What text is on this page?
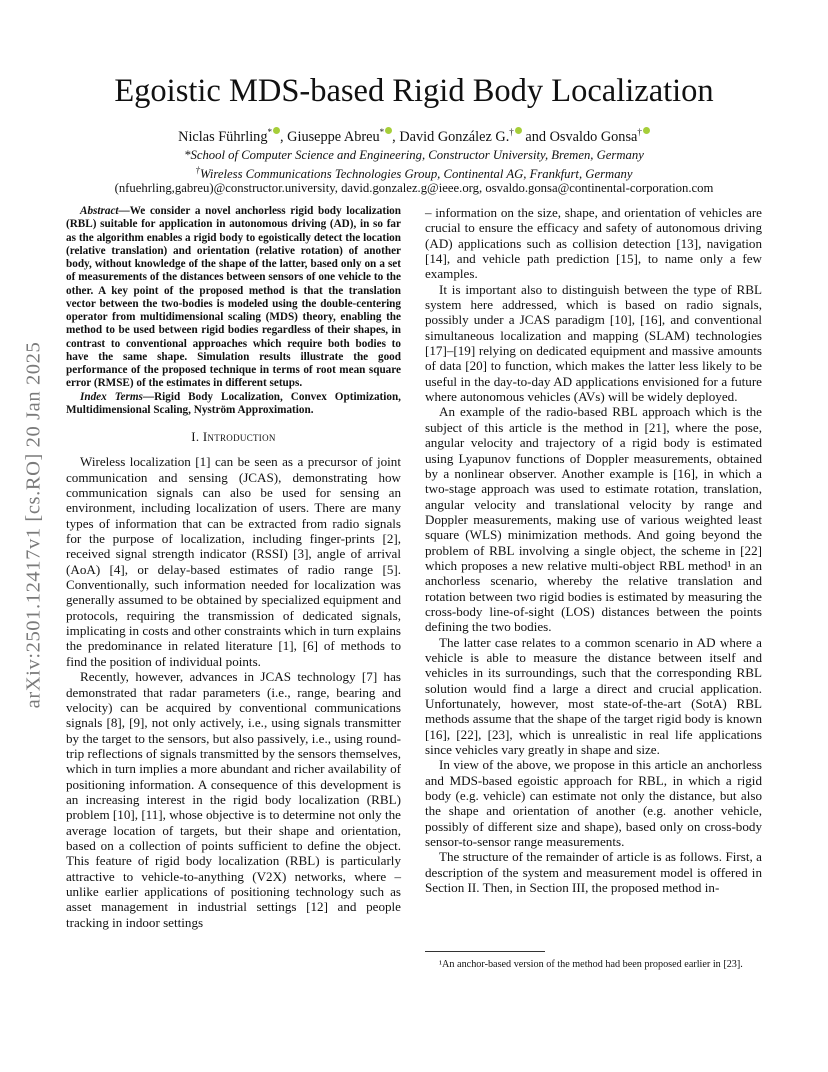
arXiv:2501.12417v1 [cs.RO] 20 Jan 2025
Egoistic MDS-based Rigid Body Localization
Niclas Führling* , Giuseppe Abreu* , David González G.† and Osvaldo Gonsa†
*School of Computer Science and Engineering, Constructor University, Bremen, Germany
†Wireless Communications Technologies Group, Continental AG, Frankfurt, Germany
(nfuehrling,gabreu)@constructor.university, david.gonzalez.g@ieee.org, osvaldo.gonsa@continental-corporation.com

Abstract—We consider a novel anchorless rigid body localization (RBL) suitable for application in autonomous driving (AD), in so far as the algorithm enables a rigid body to egoistically detect the location (relative translation) and orientation (relative rotation) of another body, without knowledge of the shape of the latter, based only on a set of measurements of the distances between sensors of one vehicle to the other. A key point of the proposed method is that the translation vector between the two-bodies is modeled using the double-centering operator from multidimensional scaling (MDS) theory, enabling the method to be used between rigid bodies regardless of their shapes, in contrast to conventional approaches which require both bodies to have the same shape. Simulation results illustrate the good performance of the proposed technique in terms of root mean square error (RMSE) of the estimates in different setups.

Index Terms—Rigid Body Localization, Convex Optimization, Multidimensional Scaling, Nyström Approximation.

I. Introduction

Wireless localization [1] can be seen as a precursor of joint communication and sensing (JCAS), demonstrating how communication signals can also be used for sensing an environment, including localization of users. There are many types of information that can be extracted from radio signals for the purpose of localization, including finger-prints [2], received signal strength indicator (RSSI) [3], angle of arrival (AoA) [4], or delay-based estimates of radio range [5]. Conventionally, such information needed for localization was generally assumed to be obtained by specialized equipment and protocols, requiring the transmission of dedicated signals, implicating in costs and other constraints which in turn explains the predominance in related literature [1], [6] of methods to find the position of individual points.

Recently, however, advances in JCAS technology [7] has demonstrated that radar parameters (i.e., range, bearing and velocity) can be acquired by conventional communications signals [8], [9], not only actively, i.e., using signals transmitter by the target to the sensors, but also passively, i.e., using round-trip reflections of signals transmitted by the sensors themselves, which in turn implies a more abundant and richer availability of positioning information. A consequence of this development is an increasing interest in the rigid body localization (RBL) problem [10], [11], whose objective is to determine not only the average location of targets, but their shape and orientation, based on a collection of points sufficient to define the object. This feature of rigid body localization (RBL) is particularly attractive to vehicle-to-anything (V2X) networks, where – unlike earlier applications of positioning technology such as asset management in industrial settings [12] and people tracking in indoor settings

– information on the size, shape, and orientation of vehicles are crucial to ensure the efficacy and safety of autonomous driving (AD) applications such as collision detection [13], navigation [14], and vehicle path prediction [15], to name only a few examples.

It is important also to distinguish between the type of RBL system here addressed, which is based on radio signals, possibly under a JCAS paradigm [10], [16], and conventional simultaneous localization and mapping (SLAM) technologies [17]–[19] relying on dedicated equipment and massive amounts of data [20] to function, which makes the latter less likely to be useful in the day-to-day AD applications envisioned for a future where autonomous vehicles (AVs) will be widely deployed.

An example of the radio-based RBL approach which is the subject of this article is the method in [21], where the pose, angular velocity and trajectory of a rigid body is estimated using Lyapunov functions of Doppler measurements, obtained by a nonlinear observer. Another example is [16], in which a two-stage approach was used to estimate rotation, translation, angular velocity and translational velocity by range and Doppler measurements, making use of various weighted least square (WLS) minimization methods. And going beyond the problem of RBL involving a single object, the scheme in [22] which proposes a new relative multi-object RBL method¹ in an anchorless scenario, whereby the relative translation and rotation between two rigid bodies is estimated by measuring the cross-body line-of-sight (LOS) distances between the points defining the two bodies.

The latter case relates to a common scenario in AD where a vehicle is able to measure the distance between itself and vehicles in its surroundings, such that the corresponding RBL solution would find a large a direct and crucial application. Unfortunately, however, most state-of-the-art (SotA) RBL methods assume that the shape of the target rigid body is known [16], [22], [23], which is unrealistic in real life applications since vehicles vary greatly in shape and size.

In view of the above, we propose in this article an anchorless and MDS-based egoistic approach for RBL, in which a rigid body (e.g. vehicle) can estimate not only the distance, but also the shape and orientation of another (e.g. another vehicle, possibly of different size and shape), based only on cross-body sensor-to-sensor range measurements.

The structure of the remainder of article is as follows. First, a description of the system and measurement model is offered in Section II. Then, in Section III, the proposed method in-

¹An anchor-based version of the method had been proposed earlier in [23].
